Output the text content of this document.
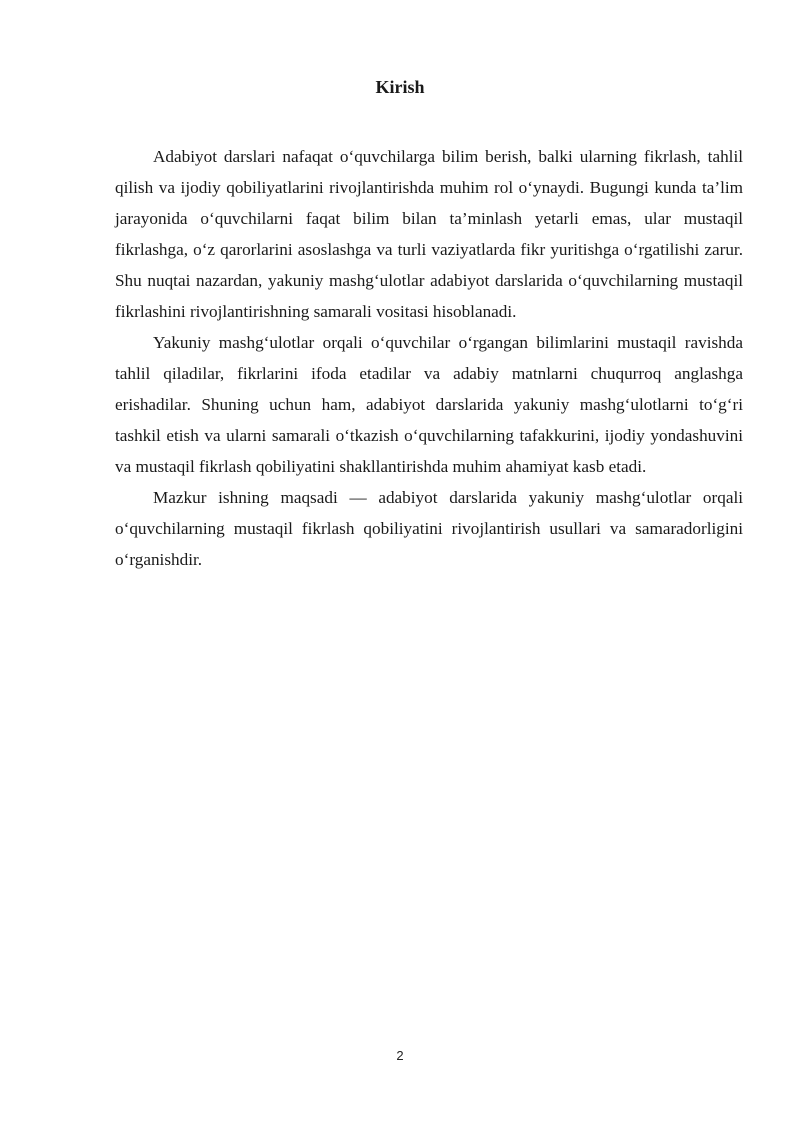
Kirish

Adabiyot darslari nafaqat o‘quvchilarga bilim berish, balki ularning fikrlash, tahlil qilish va ijodiy qobiliyatlarini rivojlantirishda muhim rol o‘ynaydi. Bugungi kunda ta’lim jarayonida o‘quvchilarni faqat bilim bilan ta’minlash yetarli emas, ular mustaqil fikrlashga, o‘z qarorlarini asoslashga va turli vaziyatlarda fikr yuritishga o‘rgatilishi zarur. Shu nuqtai nazardan, yakuniy mashg‘ulotlar adabiyot darslarida o‘quvchilarning mustaqil fikrlashini rivojlantirishning samarali vositasi hisoblanadi.

Yakuniy mashg‘ulotlar orqali o‘quvchilar o‘rgangan bilimlarini mustaqil ravishda tahlil qiladilar, fikrlarini ifoda etadilar va adabiy matnlarni chuqurroq anglashga erishadilar. Shuning uchun ham, adabiyot darslarida yakuniy mashg‘ulotlarni to‘g‘ri tashkil etish va ularni samarali o‘tkazish o‘quvchilarning tafakkurini, ijodiy yondashuvini va mustaqil fikrlash qobiliyatini shakllantirishda muhim ahamiyat kasb etadi.

Mazkur ishning maqsadi — adabiyot darslarida yakuniy mashg‘ulotlar orqali o‘quvchilarning mustaqil fikrlash qobiliyatini rivojlantirish usullari va samaradorligini o‘rganishdir.

2
